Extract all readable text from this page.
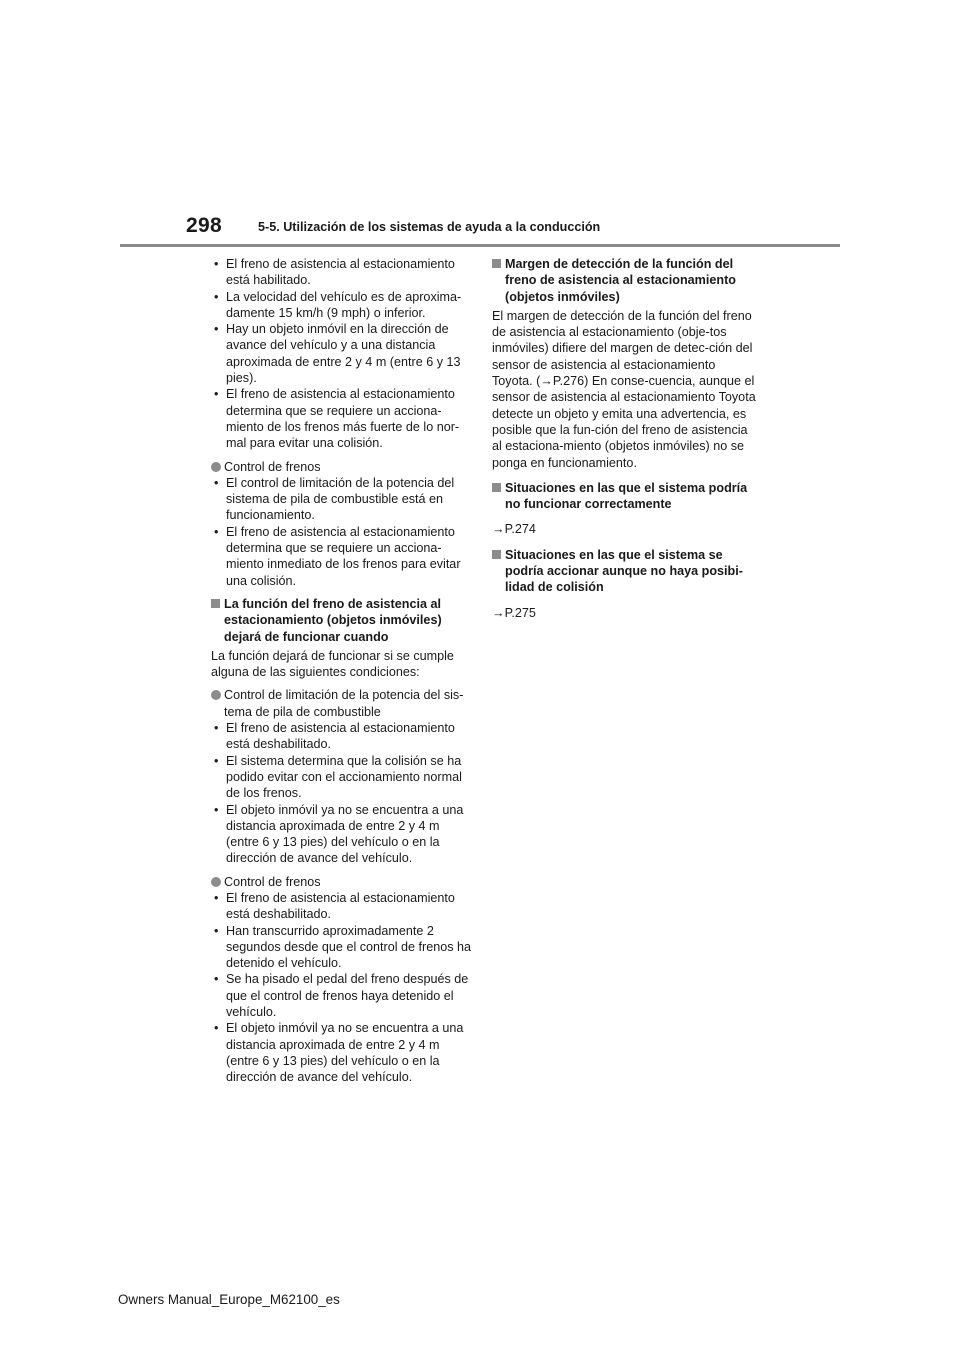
298	5-5. Utilización de los sistemas de ayuda a la conducción
• El freno de asistencia al estacionamiento está habilitado.
• La velocidad del vehículo es de aproxima-damente 15 km/h (9 mph) o inferior.
• Hay un objeto inmóvil en la dirección de avance del vehículo y a una distancia aproximada de entre 2 y 4 m (entre 6 y 13 pies).
• El freno de asistencia al estacionamiento determina que se requiere un acciona-miento de los frenos más fuerte de lo nor-mal para evitar una colisión.
Control de frenos
• El control de limitación de la potencia del sistema de pila de combustible está en funcionamiento.
• El freno de asistencia al estacionamiento determina que se requiere un acciona-miento inmediato de los frenos para evitar una colisión.
La función del freno de asistencia al estacionamiento (objetos inmóviles) dejará de funcionar cuando
La función dejará de funcionar si se cumple alguna de las siguientes condiciones:
Control de limitación de la potencia del sis-tema de pila de combustible
• El freno de asistencia al estacionamiento está deshabilitado.
• El sistema determina que la colisión se ha podido evitar con el accionamiento normal de los frenos.
• El objeto inmóvil ya no se encuentra a una distancia aproximada de entre 2 y 4 m (entre 6 y 13 pies) del vehículo o en la dirección de avance del vehículo.
Control de frenos
• El freno de asistencia al estacionamiento está deshabilitado.
• Han transcurrido aproximadamente 2 segundos desde que el control de frenos ha detenido el vehículo.
• Se ha pisado el pedal del freno después de que el control de frenos haya detenido el vehículo.
• El objeto inmóvil ya no se encuentra a una distancia aproximada de entre 2 y 4 m (entre 6 y 13 pies) del vehículo o en la dirección de avance del vehículo.
Margen de detección de la función del freno de asistencia al estacionamiento (objetos inmóviles)
El margen de detección de la función del freno de asistencia al estacionamiento (obje-tos inmóviles) difiere del margen de detec-ción del sensor de asistencia al estacionamiento Toyota. (→P.276) En conse-cuencia, aunque el sensor de asistencia al estacionamiento Toyota detecte un objeto y emita una advertencia, es posible que la fun-ción del freno de asistencia al estaciona-miento (objetos inmóviles) no se ponga en funcionamiento.
Situaciones en las que el sistema podría no funcionar correctamente
→P.274
Situaciones en las que el sistema se podría accionar aunque no haya posibi-lidad de colisión
→P.275
Owners Manual_Europe_M62100_es
